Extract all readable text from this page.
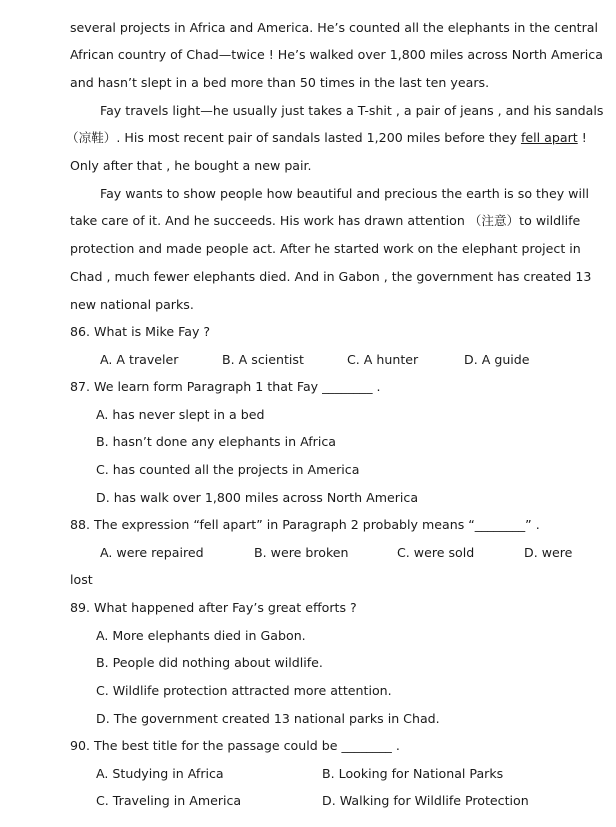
several projects in Africa and America. He’s counted all the elephants in the central
African country of Chad—twice ! He’s walked over 1,800 miles across North America
and hasn’t slept in a bed more than 50 times in the last ten years.
Fay travels light—he usually just takes a T-shit , a pair of jeans , and his sandals
（凉鞋）. His most recent pair of sandals lasted 1,200 miles before they fell apart !
Only after that , he bought a new pair.
Fay wants to show people how beautiful and precious the earth is so they will
take care of it. And he succeeds. His work has drawn attention （注意）to wildlife
protection and made people act. After he started work on the elephant project in
Chad , much fewer elephants died. And in Gabon , the government has created 13
new national parks.
86. What is Mike Fay ?
A. A traveler	B. A scientist	C. A hunter	D. A guide
87. We learn form Paragraph 1 that Fay ________ .
A. has never slept in a bed
B. hasn’t done any elephants in Africa
C. has counted all the projects in America
D. has walk over 1,800 miles across North America
88. The expression “fell apart” in Paragraph 2 probably means “________” .
A. were repaired	B. were broken	C. were sold	D. were
lost
89. What happened after Fay’s great efforts ?
A. More elephants died in Gabon.
B. People did nothing about wildlife.
C. Wildlife protection attracted more attention.
D. The government created 13 national parks in Chad.
90. The best title for the passage could be ________ .
A. Studying in Africa	B. Looking for National Parks
C. Traveling in America	D. Walking for Wildlife Protection
